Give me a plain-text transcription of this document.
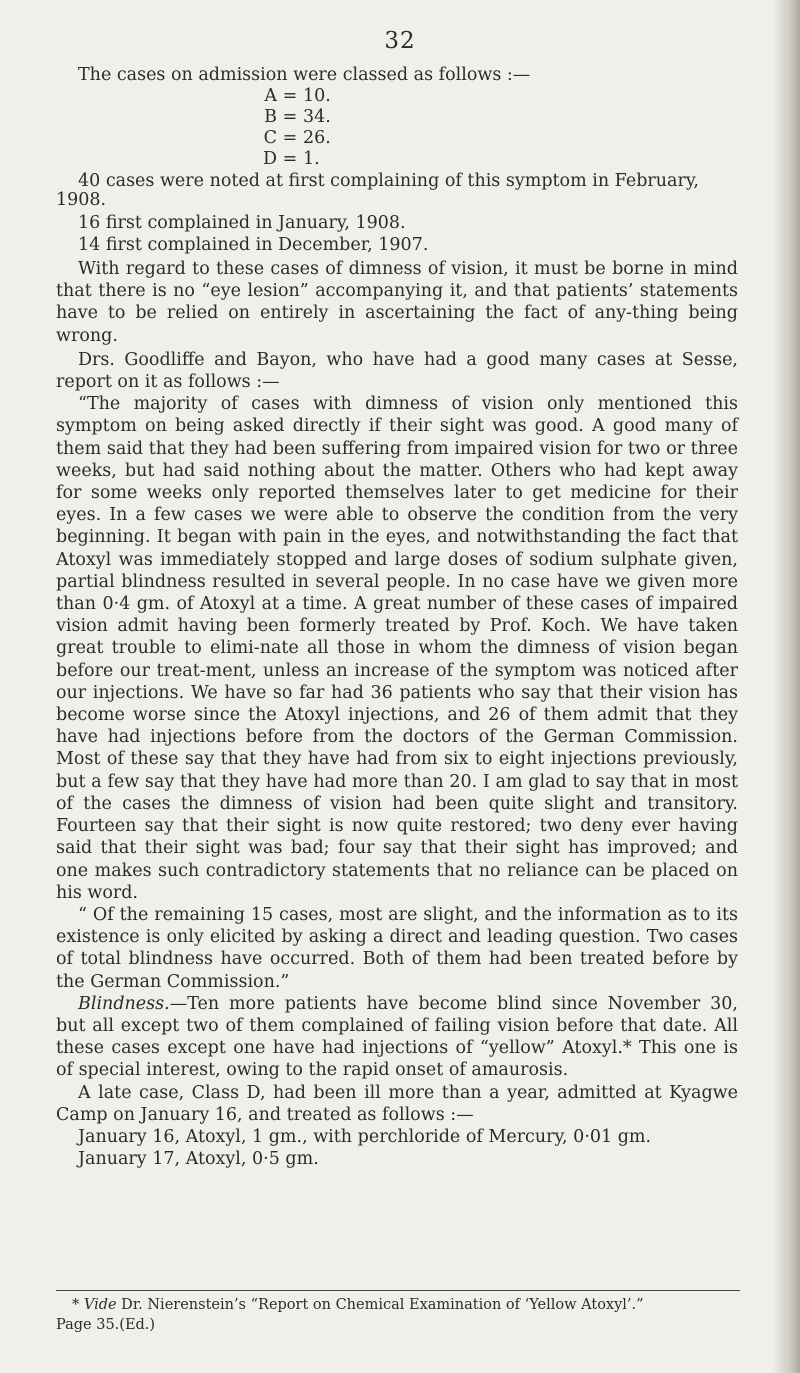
32

The cases on admission were classed as follows :—

A = 10.
B = 34.
C = 26.
D = 1.

40 cases were noted at first complaining of this symptom in February,
1908.

16 first complained in January, 1908.

14 first complained in December, 1907.

With regard to these cases of dimness of vision, it must be borne in mind that there is no “eye lesion” accompanying it, and that patients’ statements have to be relied on entirely in ascertaining the fact of any-thing being wrong.

Drs. Goodliffe and Bayon, who have had a good many cases at Sesse, report on it as follows :—

“The majority of cases with dimness of vision only mentioned this symptom on being asked directly if their sight was good. A good many of them said that they had been suffering from impaired vision for two or three weeks, but had said nothing about the matter. Others who had kept away for some weeks only reported themselves later to get medicine for their eyes. In a few cases we were able to observe the condition from the very beginning. It began with pain in the eyes, and notwithstanding the fact that Atoxyl was immediately stopped and large doses of sodium sulphate given, partial blindness resulted in several people. In no case have we given more than 0·4 gm. of Atoxyl at a time. A great number of these cases of impaired vision admit having been formerly treated by Prof. Koch. We have taken great trouble to elimi-nate all those in whom the dimness of vision began before our treat-ment, unless an increase of the symptom was noticed after our injections. We have so far had 36 patients who say that their vision has become worse since the Atoxyl injections, and 26 of them admit that they have had injections before from the doctors of the German Commission. Most of these say that they have had from six to eight injections previously, but a few say that they have had more than 20. I am glad to say that in most of the cases the dimness of vision had been quite slight and transitory. Fourteen say that their sight is now quite restored; two deny ever having said that their sight was bad; four say that their sight has improved; and one makes such contradictory statements that no reliance can be placed on his word.

“ Of the remaining 15 cases, most are slight, and the information as to its existence is only elicited by asking a direct and leading question. Two cases of total blindness have occurred. Both of them had been treated before by the German Commission.”

Blindness.—Ten more patients have become blind since November 30, but all except two of them complained of failing vision before that date. All these cases except one have had injections of “yellow” Atoxyl.* This one is of special interest, owing to the rapid onset of amaurosis.

A late case, Class D, had been ill more than a year, admitted at Kyagwe Camp on January 16, and treated as follows :—

January 16, Atoxyl, 1 gm., with perchloride of Mercury, 0·01 gm.

January 17, Atoxyl, 0·5 gm.

* Vide Dr. Nierenstein’s “Report on Chemical Examination of ‘Yellow Atoxyl’.”
Page 35.(Ed.)
